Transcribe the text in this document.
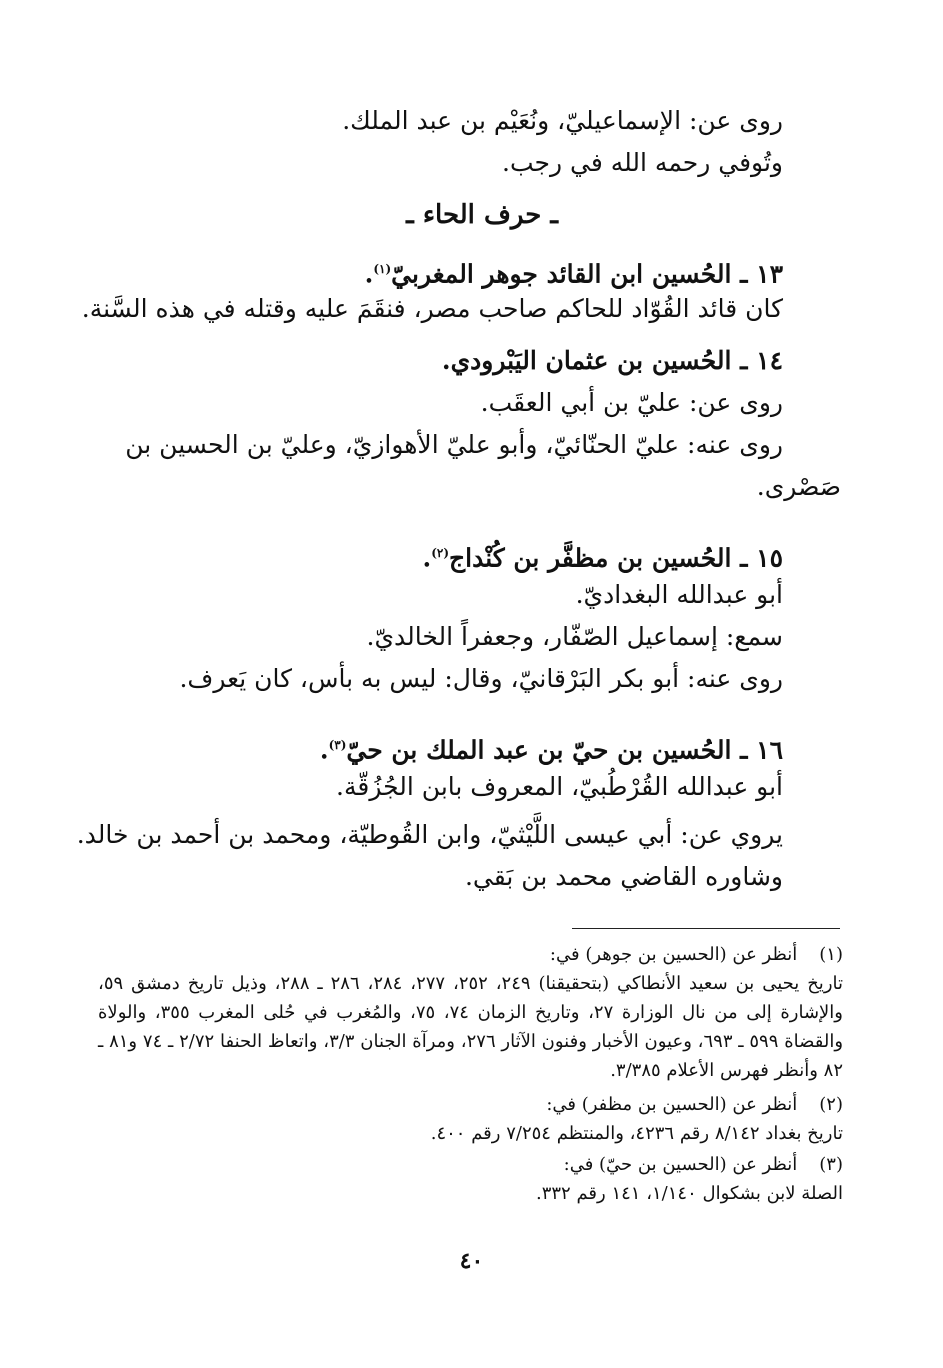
روى عن: الإسماعيليّ، ونُعَيْم بن عبد الملك.
وتُوفي رحمه الله في رجب.
ـ حرف الحاء ـ
١٣ ـ الحُسين ابن القائد جوهر المغربيّ$^{(١)}$.
كان قائد القُوّاد للحاكم صاحب مصر، فنقَمَ عليه وقتله في هذه السَّنة.
١٤ ـ الحُسين بن عثمان اليَبْرودي.
روى عن: عليّ بن أبي العقَب.
روى عنه: عليّ الحنّائيّ، وأبو عليّ الأهوازيّ، وعليّ بن الحسين بن
صَصْرى.
١٥ ـ الحُسين بن مظفَّر بن كُنْداج$^{(٢)}$.
أبو عبدالله البغداديّ.
سمع: إسماعيل الصّفّار، وجعفراً الخالديّ.
روى عنه: أبو بكر البَرْقانيّ، وقال: ليس به بأس، كان يَعرف.
١٦ ـ الحُسين بن حيّ بن عبد الملك بن حيّ$^{(٣)}$.
أبو عبدالله القُرْطُبيّ، المعروف بابن الجُزُقّة.
يروي عن: أبي عيسى اللَّيْثيّ، وابن القُوطيّة، ومحمد بن أحمد بن خالد.
وشاوره القاضي محمد بن بَقي.
(١) أنظر عن (الحسين بن جوهر) في:
تاريخ يحيى بن سعيد الأنطاكي (بتحقيقنا) ٢٤٩، ٢٥٢، ٢٧٧، ٢٨٤، ٢٨٦ ـ ٢٨٨، وذيل تاريخ دمشق ٥٩، والإشارة إلى من نال الوزارة ٢٧، وتاريخ الزمان ٧٤، ٧٥، والمُغرب في حُلى المغرب ٣٥٥، والولاة والقضاة ٥٩٩ ـ ٦٩٣، وعيون الأخبار وفنون الآثار ٢٧٦، ومرآة الجنان ٣/٣، واتعاظ الحنفا ٢/٧٢ ـ ٧٤ و٨١ ـ ٨٢ وأنظر فهرس الأعلام ٣/٣٨٥.
(٢) أنظر عن (الحسين بن مظفر) في:
تاريخ بغداد ٨/١٤٢ رقم ٤٢٣٦، والمنتظم ٧/٢٥٤ رقم ٤٠٠.
(٣) أنظر عن (الحسين بن حيّ) في:
الصلة لابن بشكوال ١/١٤٠، ١٤١ رقم ٣٣٢.
٤٠
